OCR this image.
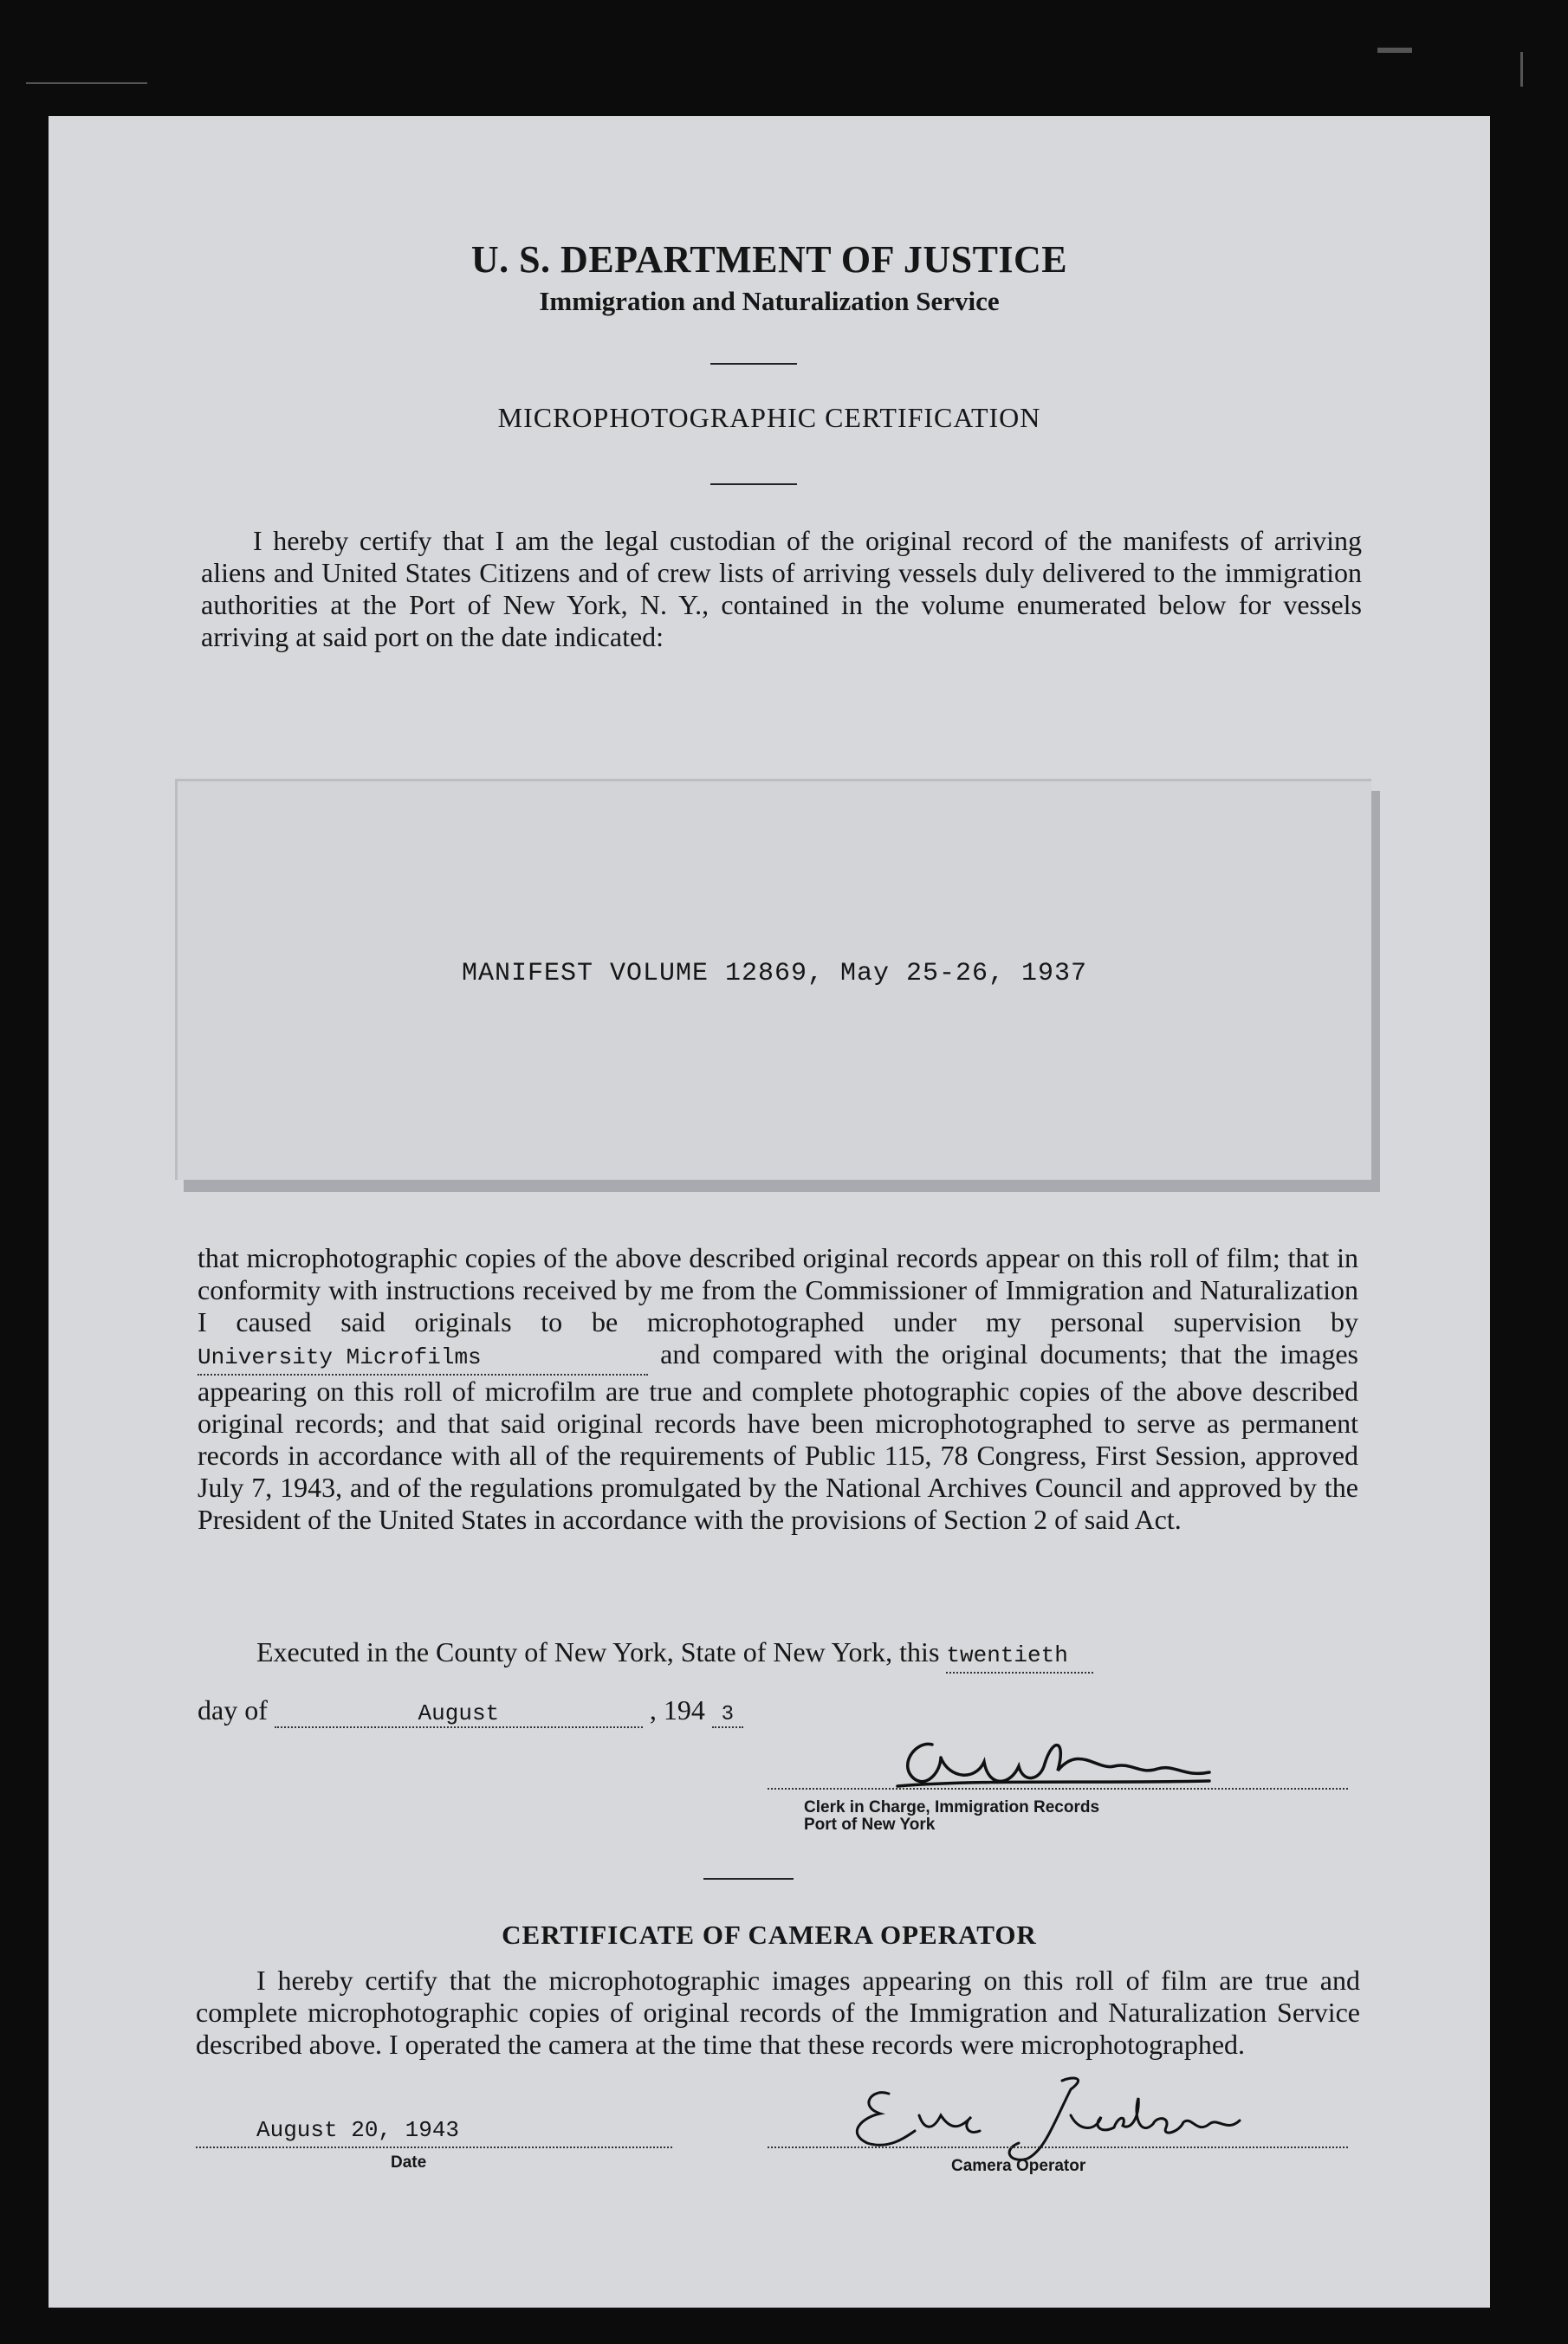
U. S. DEPARTMENT OF JUSTICE
Immigration and Naturalization Service
MICROPHOTOGRAPHIC CERTIFICATION
I hereby certify that I am the legal custodian of the original record of the manifests of arriving aliens and United States Citizens and of crew lists of arriving vessels duly delivered to the immigration authorities at the Port of New York, N. Y., contained in the volume enumerated below for vessels arriving at said port on the date indicated:
MANIFEST VOLUME 12869, May 25-26, 1937
that microphotographic copies of the above described original records appear on this roll of film; that in conformity with instructions received by me from the Commissioner of Immigration and Naturalization I caused said originals to be microphotographed under my personal supervision by University Microfilms	and compared with the original documents; that the images appearing on this roll of microfilm are true and complete photographic copies of the above described original records; and that said original records have been microphotographed to serve as permanent records in accordance with all of the requirements of Public 115, 78 Congress, First Session, approved July 7, 1943, and of the regulations promulgated by the National Archives Council and approved by the President of the United States in accordance with the provisions of Section 2 of said Act.
Executed in the County of New York, State of New York, this twentieth
day of	August	, 194 3
Clerk in Charge, Immigration Records
Port of New York
CERTIFICATE OF CAMERA OPERATOR
I hereby certify that the microphotographic images appearing on this roll of film are true and complete microphotographic copies of original records of the Immigration and Naturalization Service described above. I operated the camera at the time that these records were microphotographed.
August 20, 1943
Date	Camera Operator
